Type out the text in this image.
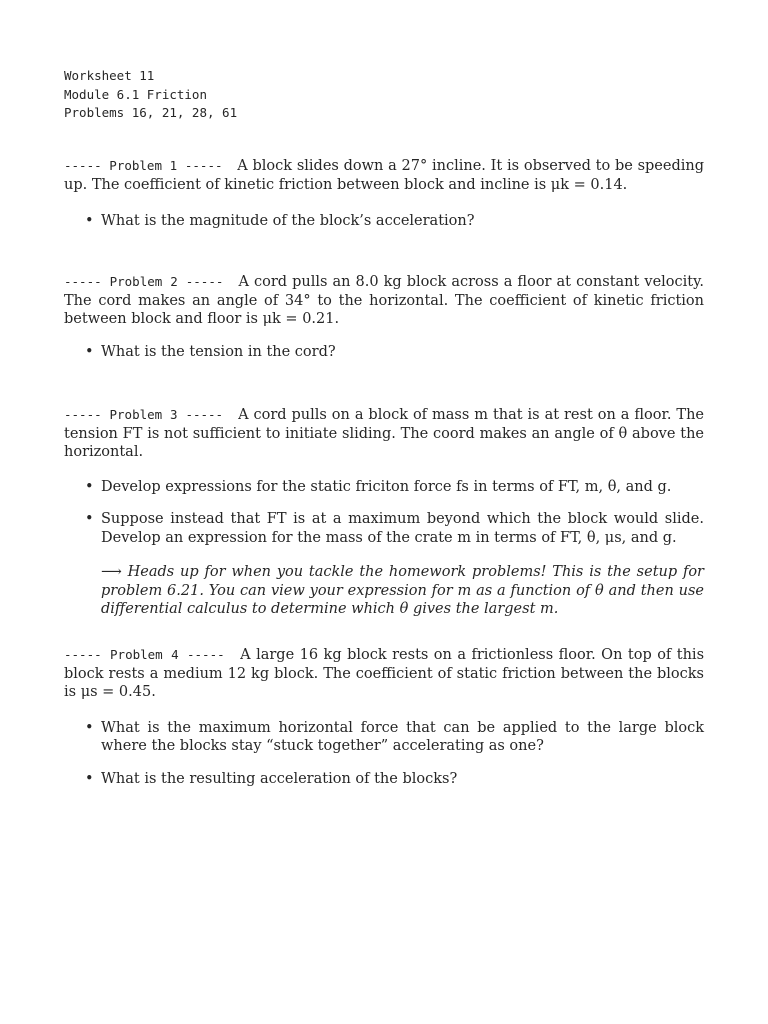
Worksheet 11
Module 6.1 Friction
Problems 16, 21, 28, 61
----- Problem 1 ----- A block slides down a 27° incline. It is observed to be speeding up. The coefficient of kinetic friction between block and incline is μk = 0.14.
• What is the magnitude of the block’s acceleration?
----- Problem 2 ----- A cord pulls an 8.0 kg block across a floor at constant velocity. The cord makes an angle of 34° to the horizontal. The coefficient of kinetic friction between block and floor is μk = 0.21.
• What is the tension in the cord?
----- Problem 3 ----- A cord pulls on a block of mass m that is at rest on a floor. The tension FT is not sufficient to initiate sliding. The coord makes an angle of θ above the horizontal.
• Develop expressions for the static friciton force fs in terms of FT, m, θ, and g.
• Suppose instead that FT is at a maximum beyond which the block would slide. Develop an expression for the mass of the crate m in terms of FT, θ, μs, and g.
⟶ Heads up for when you tackle the homework problems! This is the setup for problem 6.21. You can view your expression for m as a function of θ and then use differential calculus to determine which θ gives the largest m.
----- Problem 4 ----- A large 16 kg block rests on a frictionless floor. On top of this block rests a medium 12 kg block. The coefficient of static friction between the blocks is μs = 0.45.
• What is the maximum horizontal force that can be applied to the large block where the blocks stay “stuck together” accelerating as one?
• What is the resulting acceleration of the blocks?
